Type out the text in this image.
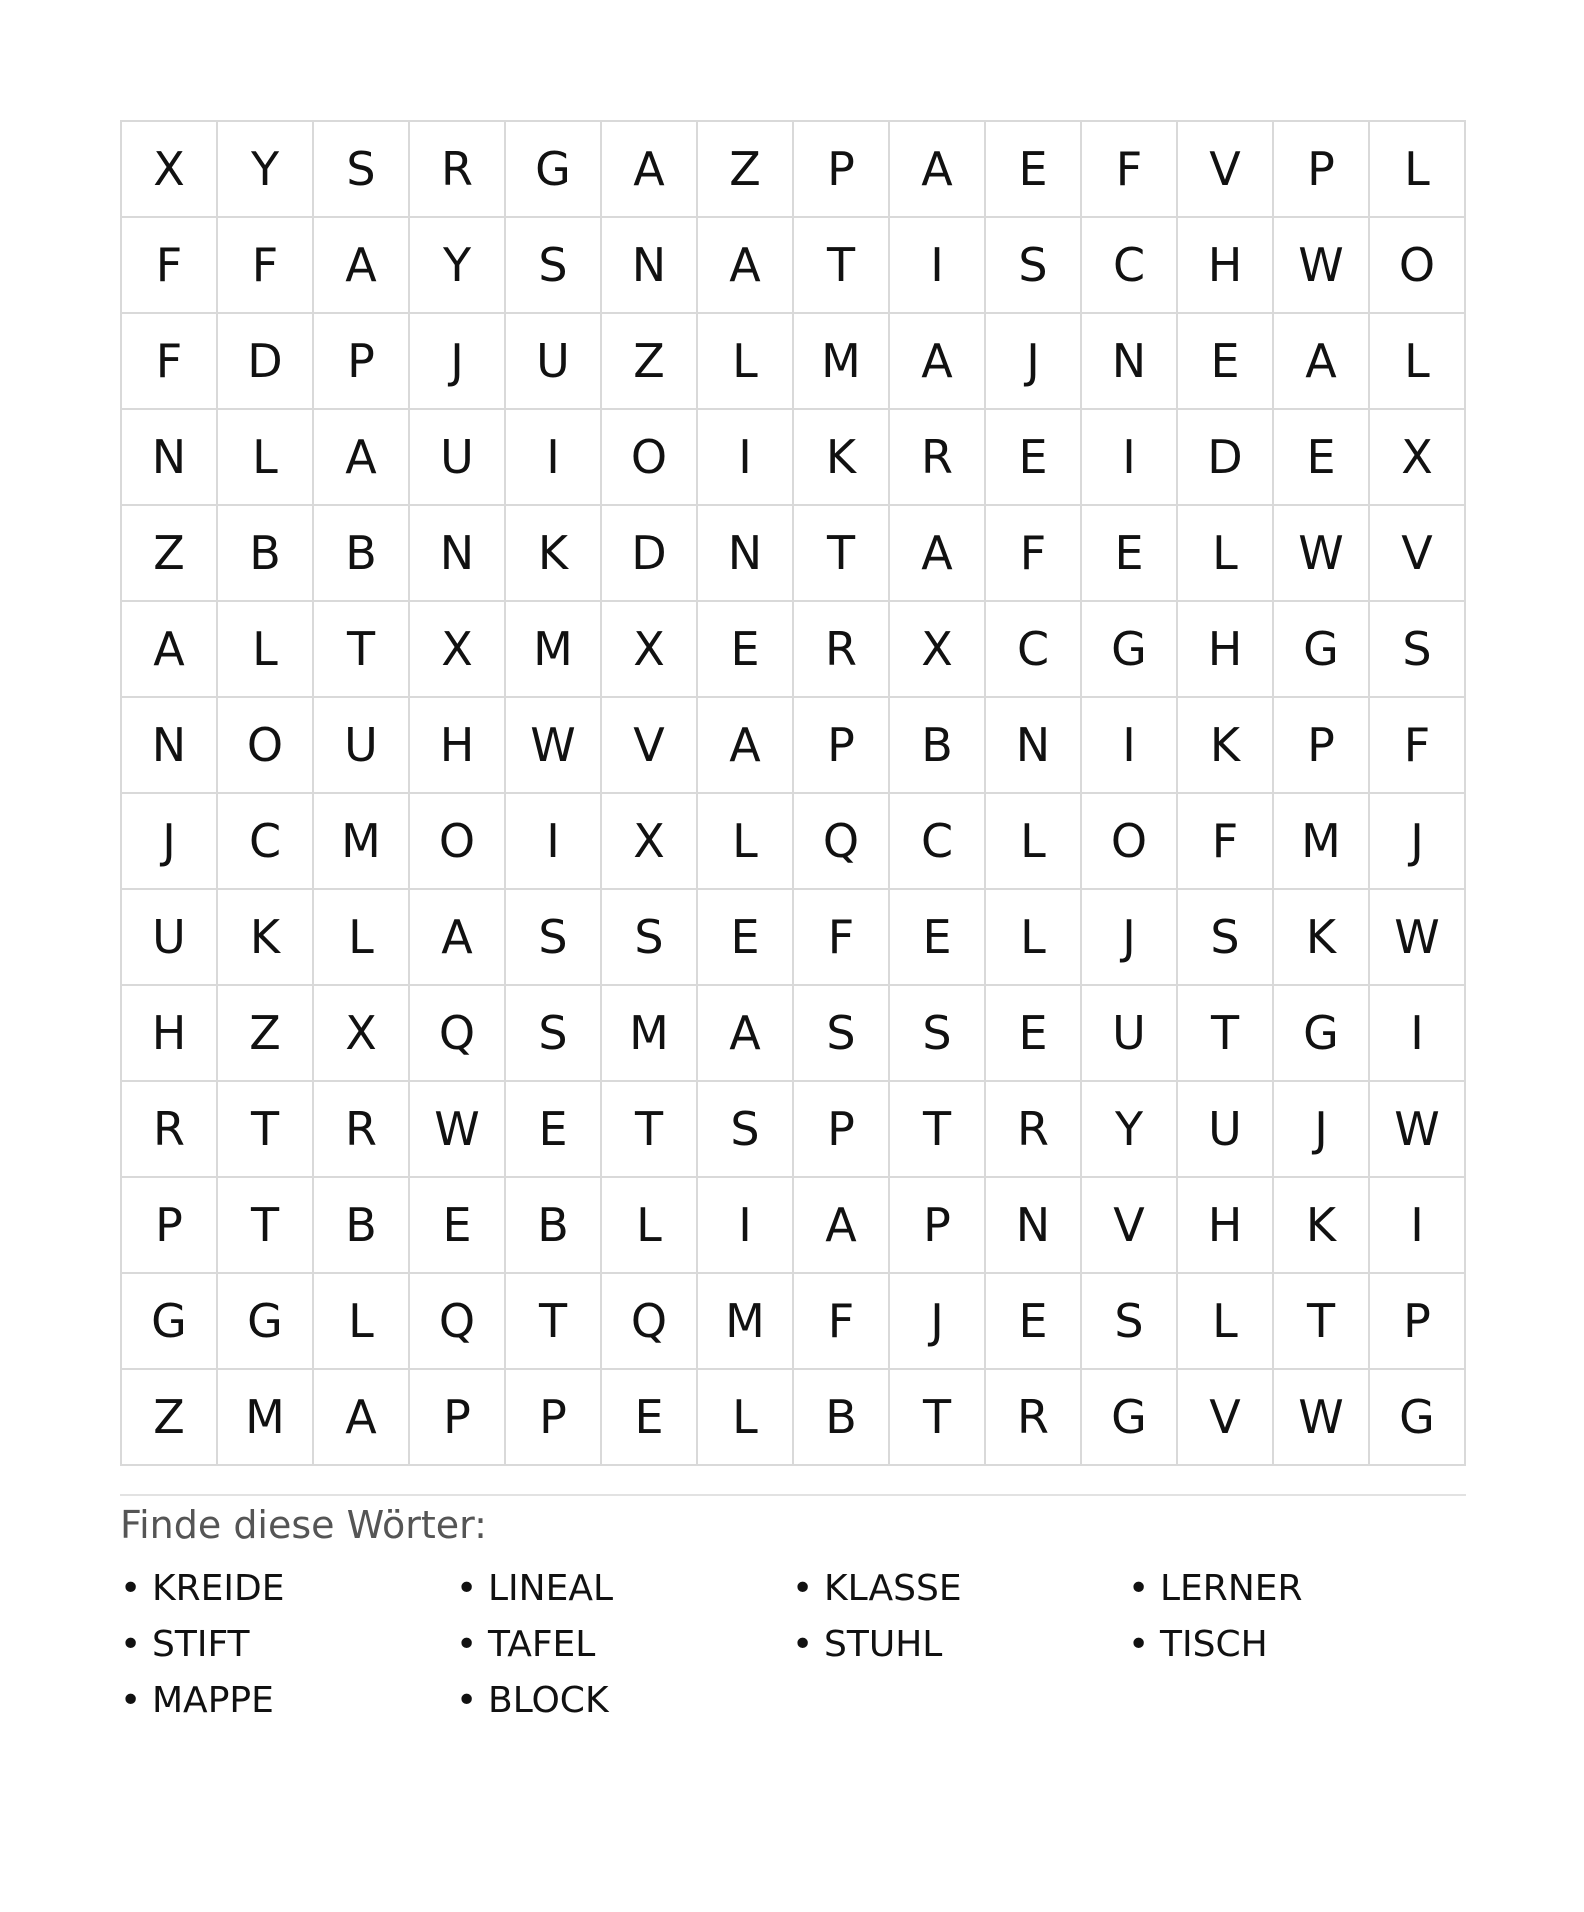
X	Y	S	R	G	A	Z	P	A	E	F	V	P	L
F	F	A	Y	S	N	A	T	I	S	C	H	W	O
F	D	P	J	U	Z	L	M	A	J	N	E	A	L
N	L	A	U	I	O	I	K	R	E	I	D	E	X
Z	B	B	N	K	D	N	T	A	F	E	L	W	V
A	L	T	X	M	X	E	R	X	C	G	H	G	S
N	O	U	H	W	V	A	P	B	N	I	K	P	F
J	C	M	O	I	X	L	Q	C	L	O	F	M	J
U	K	L	A	S	S	E	F	E	L	J	S	K	W
H	Z	X	Q	S	M	A	S	S	E	U	T	G	I
R	T	R	W	E	T	S	P	T	R	Y	U	J	W
P	T	B	E	B	L	I	A	P	N	V	H	K	I
G	G	L	Q	T	Q	M	F	J	E	S	L	T	P
Z	M	A	P	P	E	L	B	T	R	G	V	W	G
Finde diese Wörter:
• KREIDE	• LINEAL	• KLASSE	• LERNER
• STIFT	• TAFEL	• STUHL	• TISCH
• MAPPE	• BLOCK
